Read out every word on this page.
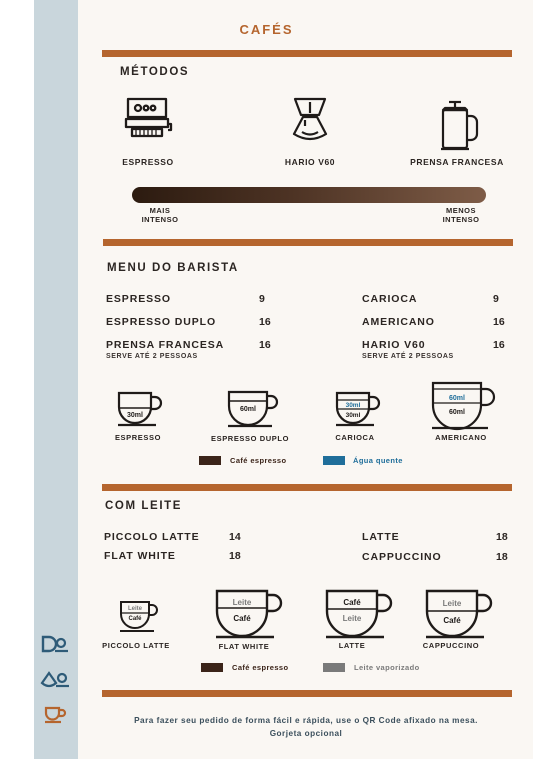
CAFÉS
MÉTODOS
ESPRESSO	HARIO V60	PRENSA FRANCESA
MAIS
INTENSO
MENOS
INTENSO
MENU DO BARISTA
ESPRESSO	9
ESPRESSO DUPLO	16
PRENSA FRANCESA	16
SERVE ATÉ 2 PESSOAS
CARIOCA	9
AMERICANO	16
HARIO V60	16
SERVE ATÉ 2 PESSOAS
30ml
60ml
30ml
30ml
60ml
60ml
ESPRESSO	ESPRESSO DUPLO	CARIOCA	AMERICANO
Café espresso	Água quente
COM LEITE
PICCOLO LATTE	14
FLAT WHITE	18
LATTE	18
CAPPUCCINO	18
Leite
Café
Leite
Café
Café
Leite
Leite
Café
PICCOLO LATTE	FLAT WHITE	LATTE	CAPPUCCINO
Café espresso	Leite vaporizado
Para fazer seu pedido de forma fácil e rápida, use o QR Code afixado na mesa.
Gorjeta opcional
